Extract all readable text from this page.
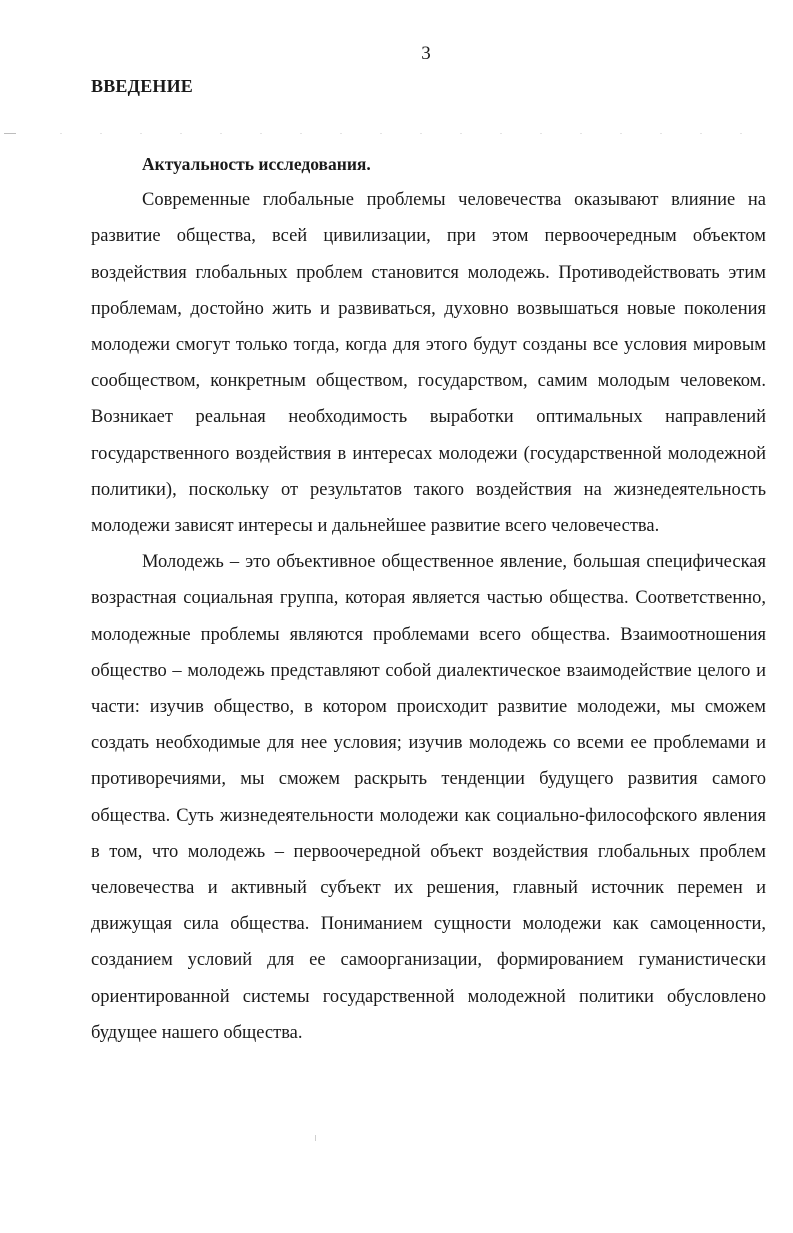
3
ВВЕДЕНИЕ

Актуальность исследования.

Современные глобальные проблемы человечества оказывают влияние на развитие общества, всей цивилизации, при этом первоочередным объектом воздействия глобальных проблем становится молодежь. Противодействовать этим проблемам, достойно жить и развиваться, духовно возвышаться новые поколения молодежи смогут только тогда, когда для этого будут созданы все условия мировым сообществом, конкретным обществом, государством, самим молодым человеком. Возникает реальная необходимость выработки оптимальных направлений государственного воздействия в интересах молодежи (государственной молодежной политики), поскольку от результатов такого воздействия на жизнедеятельность молодежи зависят интересы и дальнейшее развитие всего человечества.

Молодежь – это объективное общественное явление, большая специфическая возрастная социальная группа, которая является частью общества. Соответственно, молодежные проблемы являются проблемами всего общества. Взаимоотношения общество – молодежь представляют собой диалектическое взаимодействие целого и части: изучив общество, в котором происходит развитие молодежи, мы сможем создать необходимые для нее условия; изучив молодежь со всеми ее проблемами и противоречиями, мы сможем раскрыть тенденции будущего развития самого общества. Суть жизнедеятельности молодежи как социально-философского явления в том, что молодежь – первоочередной объект воздействия глобальных проблем человечества и активный субъект их решения, главный источник перемен и движущая сила общества. Пониманием сущности молодежи как самоценности, созданием условий для ее самоорганизации, формированием гуманистически ориентированной системы государственной молодежной политики обусловлено будущее нашего общества.
